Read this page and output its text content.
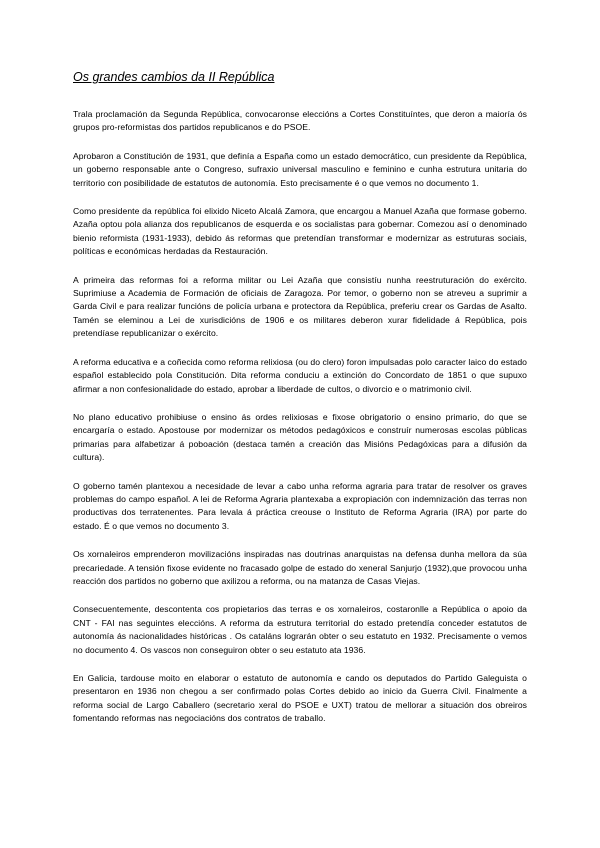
Os grandes cambios da II República

Trala proclamación da Segunda República, convocaronse eleccións a Cortes Constituíntes, que deron a maioría ós grupos pro-reformistas dos partidos republicanos e do PSOE.

Aprobaron a Constitución de 1931, que definía a España como un estado democrático, cun presidente da República, un goberno responsable ante o Congreso, sufraxio universal masculino e feminino e cunha estrutura unitaria do territorio con posibilidade de estatutos de autonomía. Esto precisamente é o que vemos no documento 1.

Como presidente da república foi elixido Niceto Alcalá Zamora, que encargou a Manuel Azaña que formase goberno. Azaña optou pola alianza dos republicanos de esquerda e os socialistas para gobernar. Comezou así o denominado bienio reformista (1931-1933), debido ás reformas que pretendían transformar e modernizar as estruturas sociais, políticas e económicas herdadas da Restauración.

A primeira das reformas foi a reforma militar ou Lei Azaña que consistíu nunha reestruturación do exército. Suprimiuse a Academia de Formación de oficiais de Zaragoza. Por temor, o goberno non se atreveu a suprimir a Garda Civil e para realizar funcións de policía urbana e protectora da República, preferiu crear os Gardas de Asalto. Tamén se eleminou a Lei de xurisdicións de 1906 e os militares deberon xurar fidelidade á República, pois pretendíase republicanizar o exército.

A reforma educativa e a coñecida como reforma relixiosa (ou do clero) foron impulsadas polo caracter laico do estado español establecido pola Constitución. Dita reforma conduciu a extinción do Concordato de 1851 o que supuxo afirmar a non confesionalidade do estado, aprobar a liberdade de cultos, o divorcio e o matrimonio civil.

No plano educativo prohibiuse o ensino ás ordes relixiosas e fixose obrigatorio o ensino primario, do que se encargaría o estado. Apostouse por modernizar os métodos pedagóxicos e construír numerosas escolas públicas primarias para alfabetizar á poboación (destaca tamén a creación das Misións Pedagóxicas para a difusión da cultura).

O goberno tamén plantexou a necesidade de levar a cabo unha reforma agraria para tratar de resolver os graves problemas do campo español. A lei de Reforma Agraria plantexaba a expropiación con indemnización das terras non productivas dos terratenentes. Para levala á práctica creouse o Instituto de Reforma Agraria (IRA) por parte do estado. É o que vemos no documento 3.

Os xornaleiros emprenderon movilizacións inspiradas nas doutrinas anarquistas na defensa dunha mellora da súa precariedade. A tensión fixose evidente no fracasado golpe de estado do xeneral Sanjurjo (1932),que provocou unha reacción dos partidos no goberno que axilizou a reforma, ou na matanza de Casas Viejas.

Consecuentemente, descontenta cos propietarios das terras e os xornaleiros, costaronlle a República o apoio da CNT - FAI nas seguintes eleccións. A reforma da estrutura territorial do estado pretendía conceder estatutos de autonomía ás nacionalidades históricas . Os cataláns lograrán obter o seu estatuto en 1932. Precisamente o vemos no documento 4. Os vascos non conseguiron obter o seu estatuto ata 1936.

En Galicia, tardouse moito en elaborar o estatuto de autonomía e cando os deputados do Partido Galeguista o presentaron en 1936 non chegou a ser confirmado polas Cortes debido ao inicio da Guerra Civil. Finalmente a reforma social de Largo Caballero (secretario xeral do PSOE e UXT) tratou de mellorar a situación dos obreiros fomentando reformas nas negociacións dos contratos de traballo.
